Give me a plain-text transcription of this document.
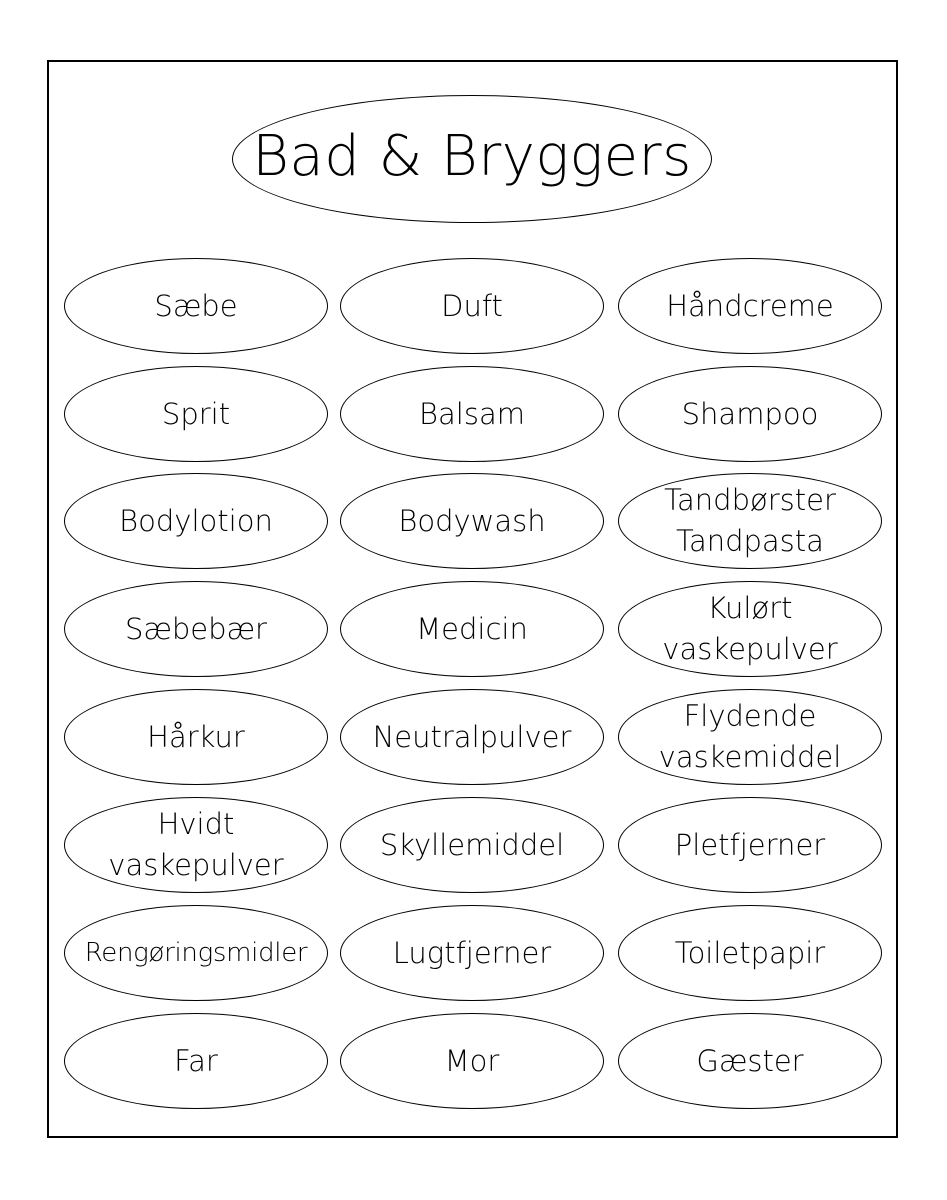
Bad & Bryggers
Sæbe	Duft	Håndcreme
Sprit	Balsam	Shampoo
Bodylotion	Bodywash
Tandbørster
Tandpasta
Sæbebær	Medicin
Kulørt
vaskepulver
Hårkur	Neutralpulver
Flydende
vaskemiddel
Hvidt
vaskepulver
Skyllemiddel	Pletfjerner
Rengøringsmidler	Lugtfjerner	Toiletpapir
Far	Mor	Gæster
